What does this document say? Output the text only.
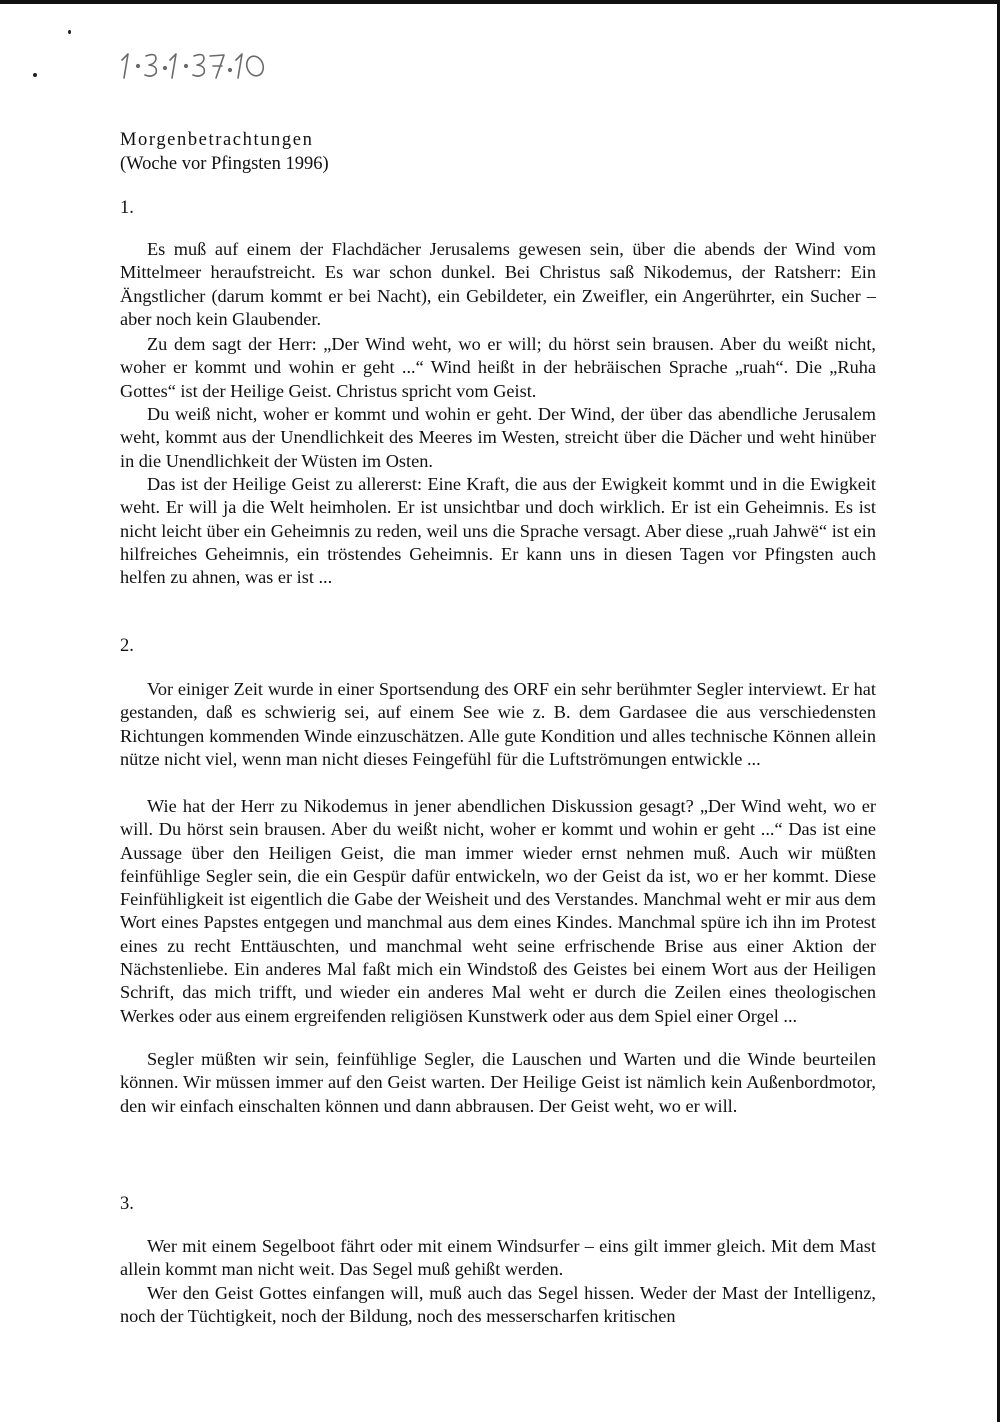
Morgenbetrachtungen
(Woche vor Pfingsten 1996)
1.

Es muß auf einem der Flachdächer Jerusalems gewesen sein, über die abends der Wind vom Mittelmeer heraufstreicht. Es war schon dunkel. Bei Christus saß Nikodemus, der Ratsherr: Ein Ängstlicher (darum kommt er bei Nacht), ein Gebildeter, ein Zweifler, ein Angerührter, ein Sucher – aber noch kein Glaubender.

Zu dem sagt der Herr: „Der Wind weht, wo er will; du hörst sein brausen. Aber du weißt nicht, woher er kommt und wohin er geht ...“ Wind heißt in der hebräischen Sprache „ruah“. Die „Ruha Gottes“ ist der Heilige Geist. Christus spricht vom Geist.

Du weiß nicht, woher er kommt und wohin er geht. Der Wind, der über das abendliche Jerusalem weht, kommt aus der Unendlichkeit des Meeres im Westen, streicht über die Dächer und weht hinüber in die Unendlichkeit der Wüsten im Osten.

Das ist der Heilige Geist zu allererst: Eine Kraft, die aus der Ewigkeit kommt und in die Ewigkeit weht. Er will ja die Welt heimholen. Er ist unsichtbar und doch wirklich. Er ist ein Geheimnis. Es ist nicht leicht über ein Geheimnis zu reden, weil uns die Sprache versagt. Aber diese „ruah Jahwë“ ist ein hilfreiches Geheimnis, ein tröstendes Geheimnis. Er kann uns in diesen Tagen vor Pfingsten auch helfen zu ahnen, was er ist ...

2.

Vor einiger Zeit wurde in einer Sportsendung des ORF ein sehr berühmter Segler interviewt. Er hat gestanden, daß es schwierig sei, auf einem See wie z. B. dem Gardasee die aus verschiedensten Richtungen kommenden Winde einzuschätzen. Alle gute Kondition und alles technische Können allein nütze nicht viel, wenn man nicht dieses Feingefühl für die Luftströmungen entwickle ...

Wie hat der Herr zu Nikodemus in jener abendlichen Diskussion gesagt? „Der Wind weht, wo er will. Du hörst sein brausen. Aber du weißt nicht, woher er kommt und wohin er geht ...“ Das ist eine Aussage über den Heiligen Geist, die man immer wieder ernst nehmen muß. Auch wir müßten feinfühlige Segler sein, die ein Gespür dafür entwickeln, wo der Geist da ist, wo er her kommt. Diese Feinfühligkeit ist eigentlich die Gabe der Weisheit und des Verstandes. Manchmal weht er mir aus dem Wort eines Papstes entgegen und manchmal aus dem eines Kindes. Manchmal spüre ich ihn im Protest eines zu recht Enttäuschten, und manchmal weht seine erfrischende Brise aus einer Aktion der Nächstenliebe. Ein anderes Mal faßt mich ein Windstoß des Geistes bei einem Wort aus der Heiligen Schrift, das mich trifft, und wieder ein anderes Mal weht er durch die Zeilen eines theologischen Werkes oder aus einem ergreifenden religiösen Kunstwerk oder aus dem Spiel einer Orgel ...

Segler müßten wir sein, feinfühlige Segler, die Lauschen und Warten und die Winde beurteilen können. Wir müssen immer auf den Geist warten. Der Heilige Geist ist nämlich kein Außenbordmotor, den wir einfach einschalten können und dann abbrausen. Der Geist weht, wo er will.

3.

Wer mit einem Segelboot fährt oder mit einem Windsurfer – eins gilt immer gleich. Mit dem Mast allein kommt man nicht weit. Das Segel muß gehißt werden.

Wer den Geist Gottes einfangen will, muß auch das Segel hissen. Weder der Mast der Intelligenz, noch der Tüchtigkeit, noch der Bildung, noch des messerscharfen kritischen
